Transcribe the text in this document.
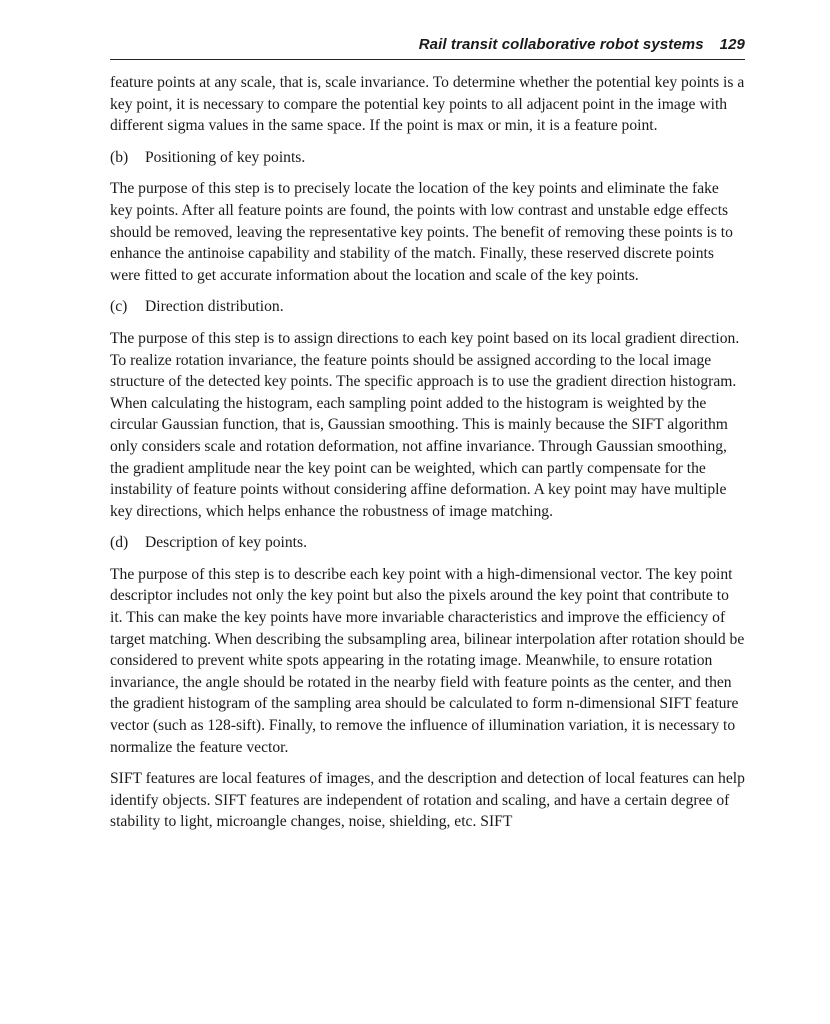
Rail transit collaborative robot systems 129

feature points at any scale, that is, scale invariance. To determine whether the potential key points is a key point, it is necessary to compare the potential key points to all adjacent point in the image with different sigma values in the same space. If the point is max or min, it is a feature point.

(b) Positioning of key points.

The purpose of this step is to precisely locate the location of the key points and eliminate the fake key points. After all feature points are found, the points with low contrast and unstable edge effects should be removed, leaving the representative key points. The benefit of removing these points is to enhance the antinoise capability and stability of the match. Finally, these reserved discrete points were fitted to get accurate information about the location and scale of the key points.

(c) Direction distribution.

The purpose of this step is to assign directions to each key point based on its local gradient direction. To realize rotation invariance, the feature points should be assigned according to the local image structure of the detected key points. The specific approach is to use the gradient direction histogram. When calculating the histogram, each sampling point added to the histogram is weighted by the circular Gaussian function, that is, Gaussian smoothing. This is mainly because the SIFT algorithm only considers scale and rotation deformation, not affine invariance. Through Gaussian smoothing, the gradient amplitude near the key point can be weighted, which can partly compensate for the instability of feature points without considering affine deformation. A key point may have multiple key directions, which helps enhance the robustness of image matching.

(d) Description of key points.

The purpose of this step is to describe each key point with a high-dimensional vector. The key point descriptor includes not only the key point but also the pixels around the key point that contribute to it. This can make the key points have more invariable characteristics and improve the efficiency of target matching. When describing the subsampling area, bilinear interpolation after rotation should be considered to prevent white spots appearing in the rotating image. Meanwhile, to ensure rotation invariance, the angle should be rotated in the nearby field with feature points as the center, and then the gradient histogram of the sampling area should be calculated to form n-dimensional SIFT feature vector (such as 128-sift). Finally, to remove the influence of illumination variation, it is necessary to normalize the feature vector.

SIFT features are local features of images, and the description and detection of local features can help identify objects. SIFT features are independent of rotation and scaling, and have a certain degree of stability to light, microangle changes, noise, shielding, etc. SIFT
